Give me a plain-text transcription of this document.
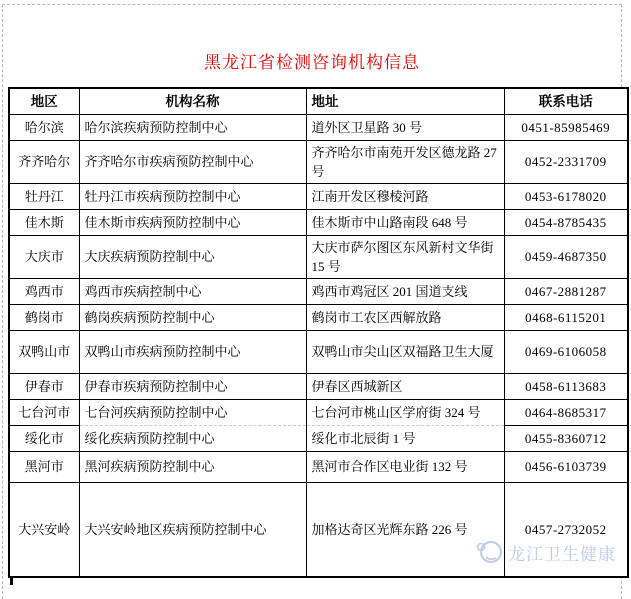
黑龙江省检测咨询机构信息
地区	机构名称	地址	联系电话
哈尔滨	哈尔滨疾病预防控制中心	道外区卫星路 30 号	0451-85985469
齐齐哈尔	齐齐哈尔市疾病预防控制中心	齐齐哈尔市南苑开发区德龙路 27 号	0452-2331709
牡丹江	牡丹江市疾病预防控制中心	江南开发区穆棱河路	0453-6178020
佳木斯	佳木斯市疾病预防控制中心	佳木斯市中山路南段 648 号	0454-8785435
大庆市	大庆疾病预防控制中心	大庆市萨尔图区东风新村文华街 15 号	0459-4687350
鸡西市	鸡西市疾病控制中心	鸡西市鸡冠区 201 国道支线	0467-2881287
鹤岗市	鹤岗疾病预防控制中心	鹤岗市工农区西解放路	0468-6115201
双鸭山市	双鸭山市疾病预防控制中心	双鸭山市尖山区双福路卫生大厦	0469-6106058
伊春市	伊春市疾病预防控制中心	伊春区西城新区	0458-6113683
七台河市	七台河疾病预防控制中心	七台河市桃山区学府街 324 号	0464-8685317
绥化市	绥化疾病预防控制中心	绥化市北辰街 1 号	0455-8360712
黑河市	黑河疾病预防控制中心	黑河市合作区电业街 132 号	0456-6103739
大兴安岭	大兴安岭地区疾病预防控制中心	加格达奇区光辉东路 226 号	0457-2732052
龙江卫生健康
